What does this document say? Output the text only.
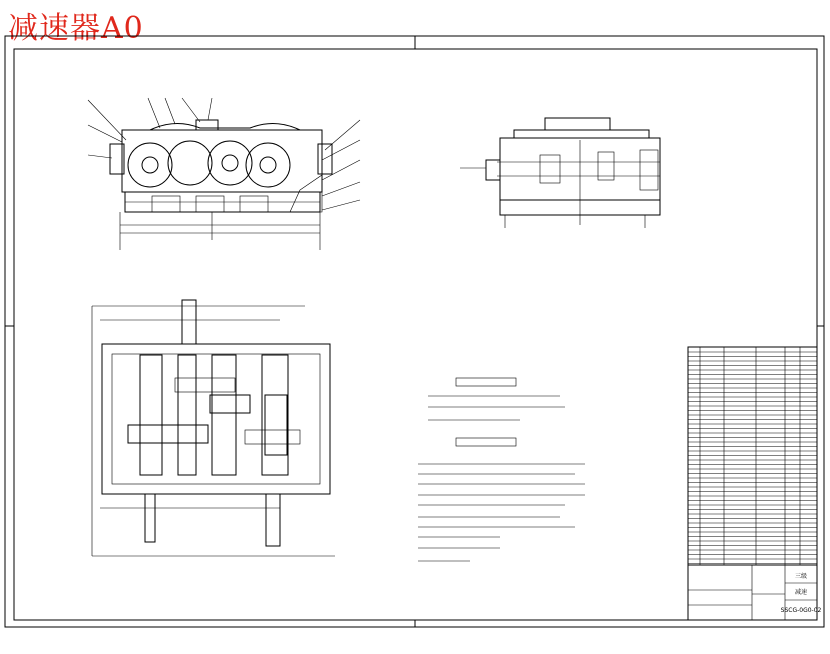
减速器A0
三级
减速
SSCG-0G0-02
